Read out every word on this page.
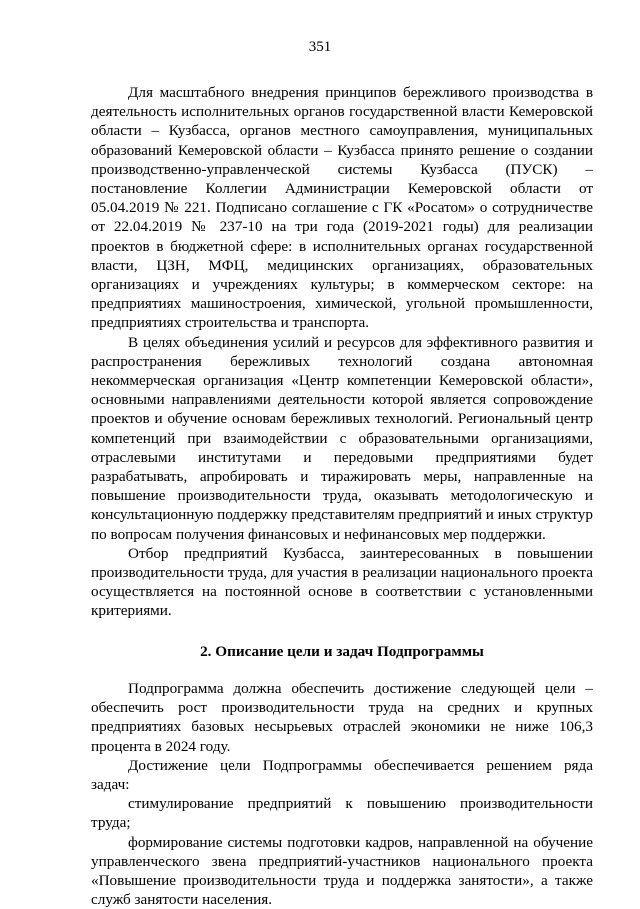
351

Для масштабного внедрения принципов бережливого производства в деятельность исполнительных органов государственной власти Кемеровской области – Кузбасса, органов местного самоуправления, муниципальных образований Кемеровской области – Кузбасса принято решение о создании производственно-управленческой системы Кузбасса (ПУСК) – постановление Коллегии Администрации Кемеровской области от 05.04.2019 № 221. Подписано соглашение с ГК «Росатом» о сотрудничестве от 22.04.2019 № 237-10 на три года (2019-2021 годы) для реализации проектов в бюджетной сфере: в исполнительных органах государственной власти, ЦЗН, МФЦ, медицинских организациях, образовательных организациях и учреждениях культуры; в коммерческом секторе: на предприятиях машиностроения, химической, угольной промышленности, предприятиях строительства и транспорта.

В целях объединения усилий и ресурсов для эффективного развития и распространения бережливых технологий создана автономная некоммерческая организация «Центр компетенции Кемеровской области», основными направлениями деятельности которой является сопровождение проектов и обучение основам бережливых технологий. Региональный центр компетенций при взаимодействии с образовательными организациями, отраслевыми институтами и передовыми предприятиями будет разрабатывать, апробировать и тиражировать меры, направленные на повышение производительности труда, оказывать методологическую и консультационную поддержку представителям предприятий и иных структур по вопросам получения финансовых и нефинансовых мер поддержки.

Отбор предприятий Кузбасса, заинтересованных в повышении производительности труда, для участия в реализации национального проекта осуществляется на постоянной основе в соответствии с установленными критериями.

2. Описание цели и задач Подпрограммы

Подпрограмма должна обеспечить достижение следующей цели – обеспечить рост производительности труда на средних и крупных предприятиях базовых несырьевых отраслей экономики не ниже 106,3 процента в 2024 году.

Достижение цели Подпрограммы обеспечивается решением ряда задач:

стимулирование предприятий к повышению производительности труда;

формирование системы подготовки кадров, направленной на обучение управленческого звена предприятий-участников национального проекта «Повышение производительности труда и поддержка занятости», а также служб занятости населения.
